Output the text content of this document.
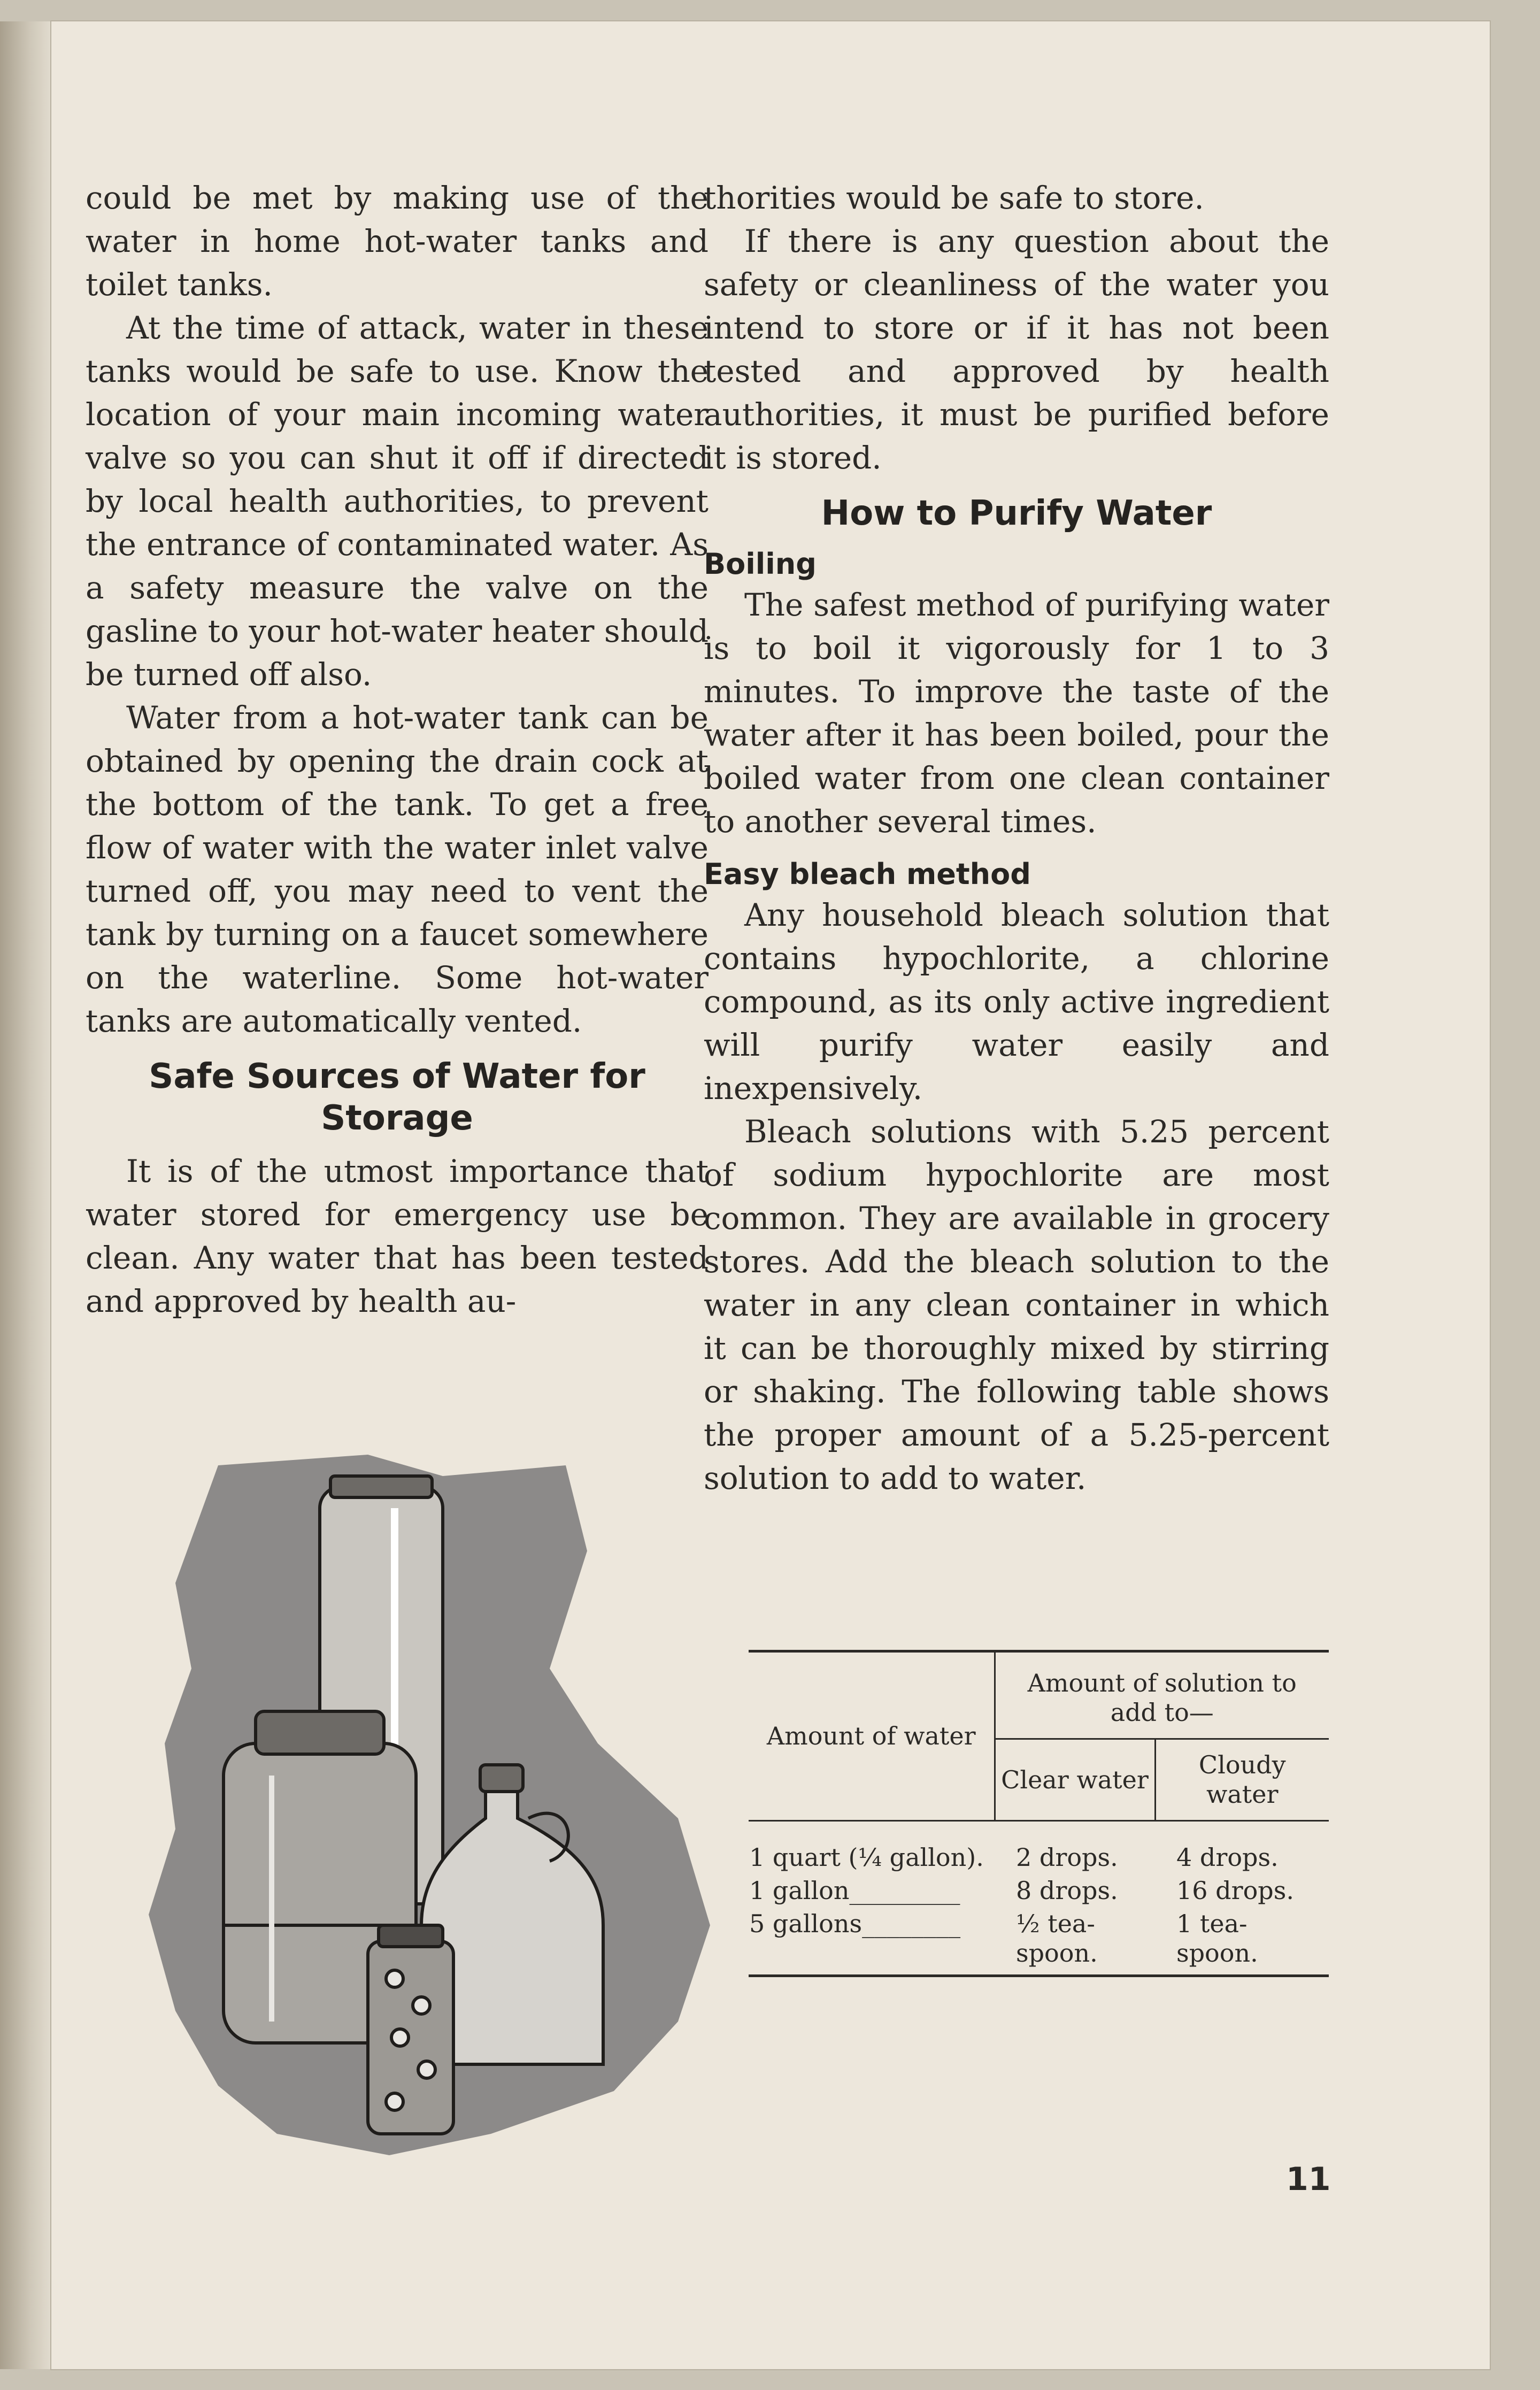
could be met by making use of the water in home hot-water tanks and toilet tanks.

At the time of attack, water in these tanks would be safe to use. Know the location of your main incoming water valve so you can shut it off if directed by local health authorities, to prevent the entrance of contaminated water. As a safety measure the valve on the gasline to your hot-water heater should be turned off also.

Water from a hot-water tank can be obtained by opening the drain cock at the bottom of the tank. To get a free flow of water with the water inlet valve turned off, you may need to vent the tank by turning on a faucet somewhere on the waterline. Some hot-water tanks are automatically vented.

Safe Sources of Water for Storage

It is of the utmost importance that water stored for emergency use be clean. Any water that has been tested and approved by health au-

thorities would be safe to store.

If there is any question about the safety or cleanliness of the water you intend to store or if it has not been tested and approved by health authorities, it must be purified before it is stored.

How to Purify Water
Boiling

The safest method of purifying water is to boil it vigorously for 1 to 3 minutes. To improve the taste of the water after it has been boiled, pour the boiled water from one clean container to another several times.

Easy bleach method

Any household bleach solution that contains hypochlorite, a chlorine compound, as its only active ingredient will purify water easily and inexpensively.

Bleach solutions with 5.25 percent of sodium hypochlorite are most common. They are available in grocery stores. Add the bleach solution to the water in any clean container in which it can be thoroughly mixed by stirring or shaking. The following table shows the proper amount of a 5.25-percent solution to add to water.

Amount of water	Amount of solution to add to—	
	Clear water	Cloudy water
1 quart (¼ gallon).	2 drops.	4 drops.
1 gallon_________	8 drops.	16 drops.
5 gallons________	½ tea-spoon.	1 tea-spoon.
11
